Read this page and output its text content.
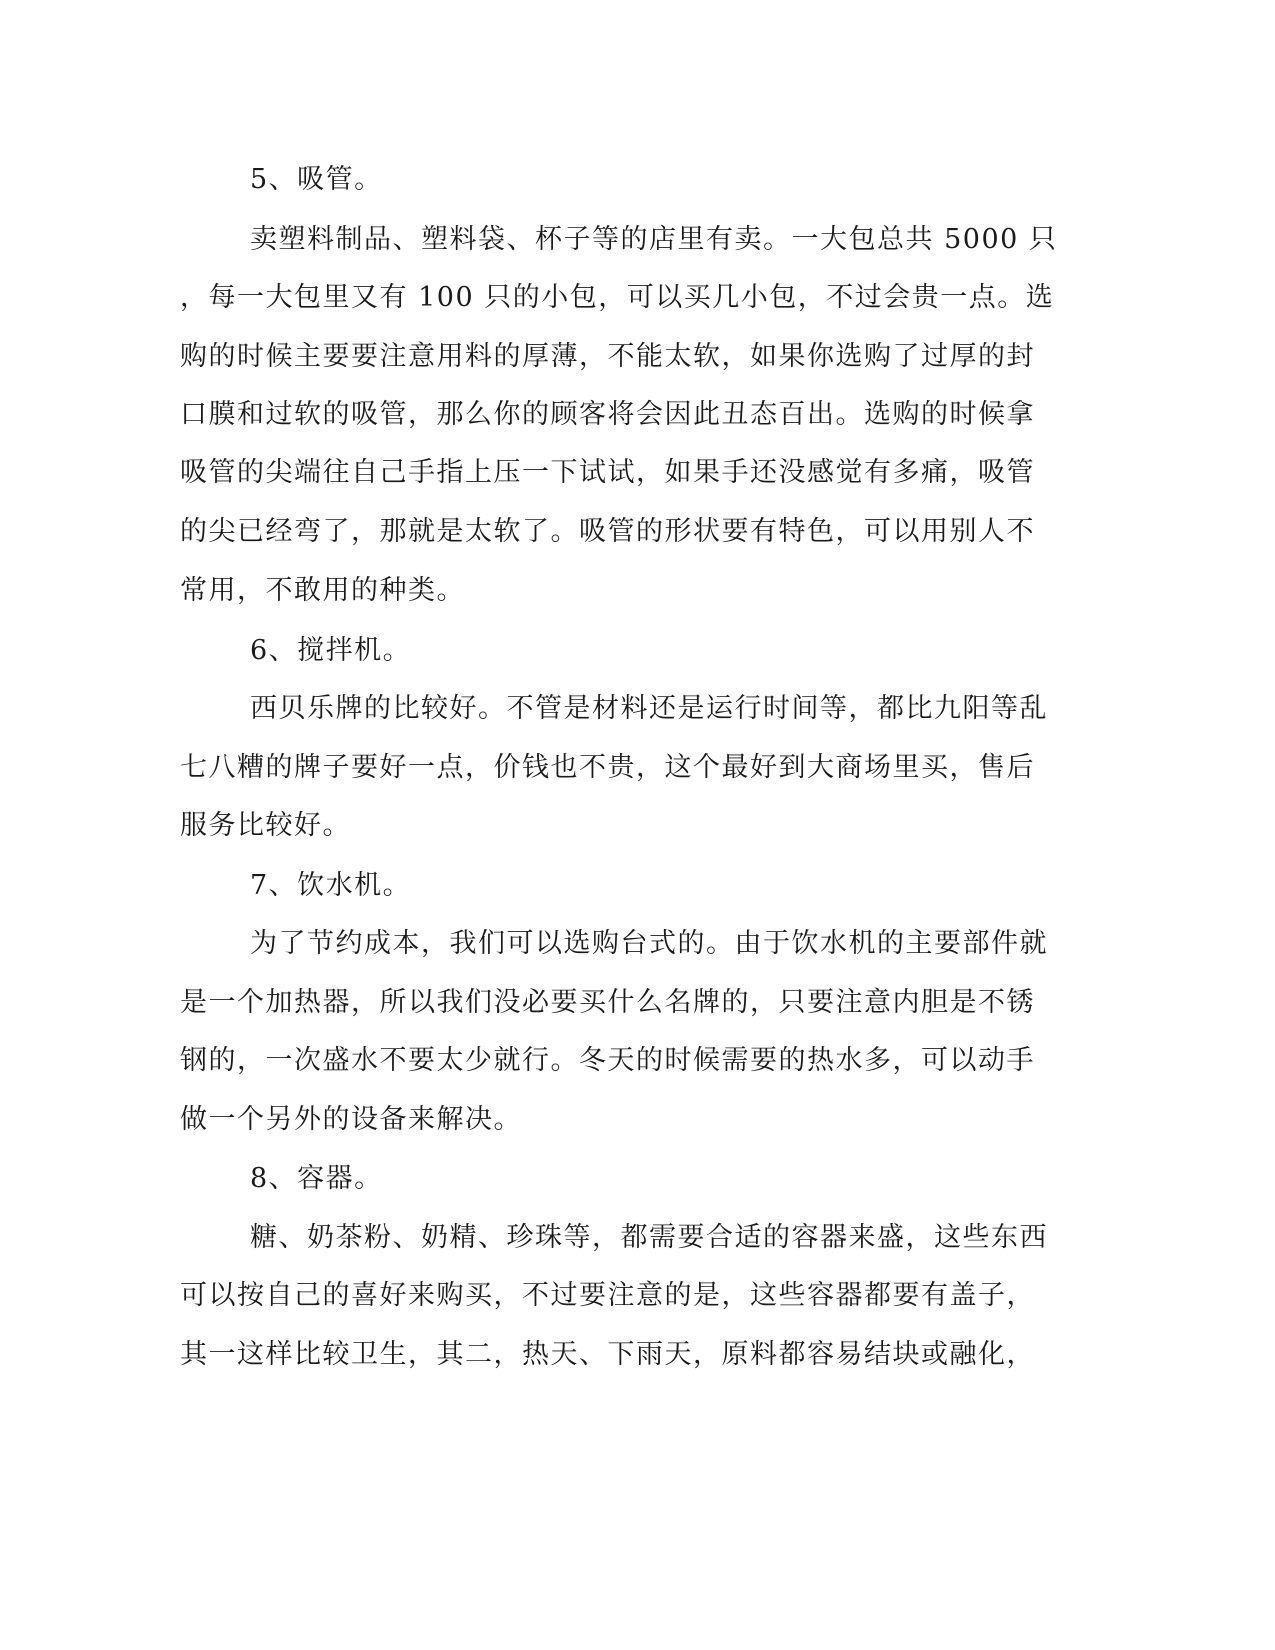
5、吸管。
卖塑料制品、塑料袋、杯子等的店里有卖。一大包总共 5000 只
，每一大包里又有 100 只的小包，可以买几小包，不过会贵一点。选
购的时候主要要注意用料的厚薄，不能太软，如果你选购了过厚的封
口膜和过软的吸管，那么你的顾客将会因此丑态百出。选购的时候拿
吸管的尖端往自己手指上压一下试试，如果手还没感觉有多痛，吸管
的尖已经弯了，那就是太软了。吸管的形状要有特色，可以用别人不
常用，不敢用的种类。
6、搅拌机。
西贝乐牌的比较好。不管是材料还是运行时间等，都比九阳等乱
七八糟的牌子要好一点，价钱也不贵，这个最好到大商场里买，售后
服务比较好。
7、饮水机。
为了节约成本，我们可以选购台式的。由于饮水机的主要部件就
是一个加热器，所以我们没必要买什么名牌的，只要注意内胆是不锈
钢的，一次盛水不要太少就行。冬天的时候需要的热水多，可以动手
做一个另外的设备来解决。
8、容器。
糖、奶茶粉、奶精、珍珠等，都需要合适的容器来盛，这些东西
可以按自己的喜好来购买，不过要注意的是，这些容器都要有盖子，
其一这样比较卫生，其二，热天、下雨天，原料都容易结块或融化，
